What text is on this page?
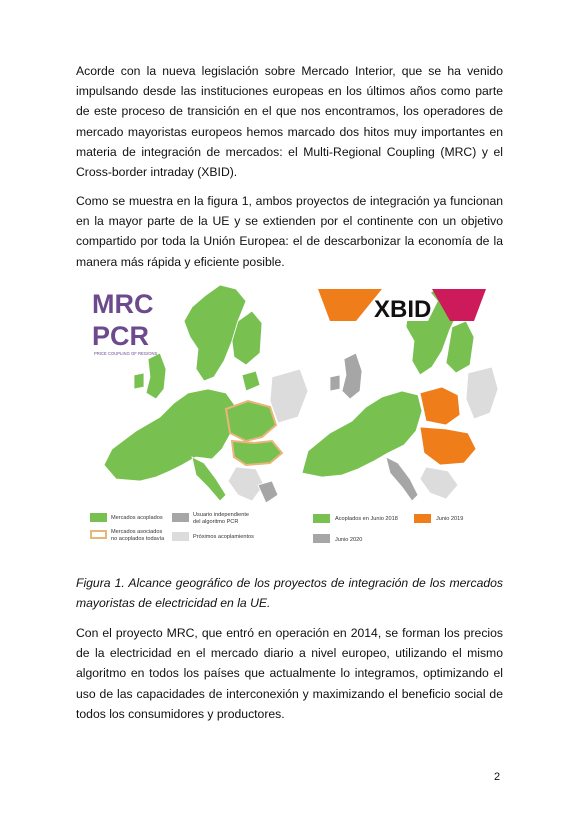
Acorde con la nueva legislación sobre Mercado Interior, que se ha venido impulsando desde las instituciones europeas en los últimos años como parte de este proceso de transición en el que nos encontramos, los operadores de mercado mayoristas europeos hemos marcado dos hitos muy importantes en materia de integración de mercados: el Multi-Regional Coupling (MRC) y el Cross-border intraday (XBID).

Como se muestra en la figura 1, ambos proyectos de integración ya funcionan en la mayor parte de la UE y se extienden por el continente con un objetivo compartido por toda la Unión Europea: el de descarbonizar la economía de la manera más rápida y eficiente posible.

MRC
PCR
PRICE COUPLING OF REGIONS
XBID
Mercados acoplados
Mercados asociados
no acoplados todavía
Usuario independiente
del algoritmo PCR
Próximos acoplamientos
Acoplados en Junio 2018	Junio 2019
Junio 2020

Figura 1. Alcance geográfico de los proyectos de integración de los mercados mayoristas de electricidad en la UE.

Con el proyecto MRC, que entró en operación en 2014, se forman los precios de la electricidad en el mercado diario a nivel europeo, utilizando el mismo algoritmo en todos los países que actualmente lo integramos, optimizando el uso de las capacidades de interconexión y maximizando el beneficio social de todos los consumidores y productores.

2
